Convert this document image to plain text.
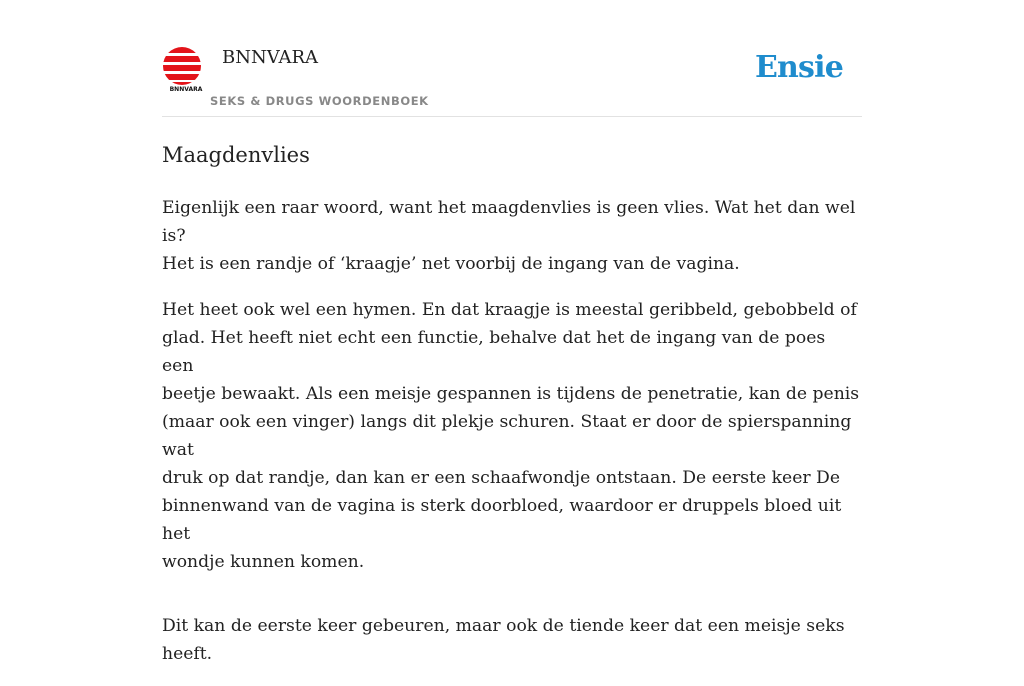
BNNVARA
BNNVARA
SEKS & DRUGS WOORDENBOEK
Ensie
Maagdenvlies

Eigenlijk een raar woord, want het maagdenvlies is geen vlies. Wat het dan wel is?
Het is een randje of ‘kraagje’ net voorbij de ingang van de vagina.

Het heet ook wel een hymen. En dat kraagje is meestal geribbeld, gebobbeld of
glad. Het heeft niet echt een functie, behalve dat het de ingang van de poes een
beetje bewaakt. Als een meisje gespannen is tijdens de penetratie, kan de penis
(maar ook een vinger) langs dit plekje schuren. Staat er door de spierspanning wat
druk op dat randje, dan kan er een schaafwondje ontstaan. De eerste keer De
binnenwand van de vagina is sterk doorbloed, waardoor er druppels bloed uit het
wondje kunnen komen.

Dit kan de eerste keer gebeuren, maar ook de tiende keer dat een meisje seks heeft.
